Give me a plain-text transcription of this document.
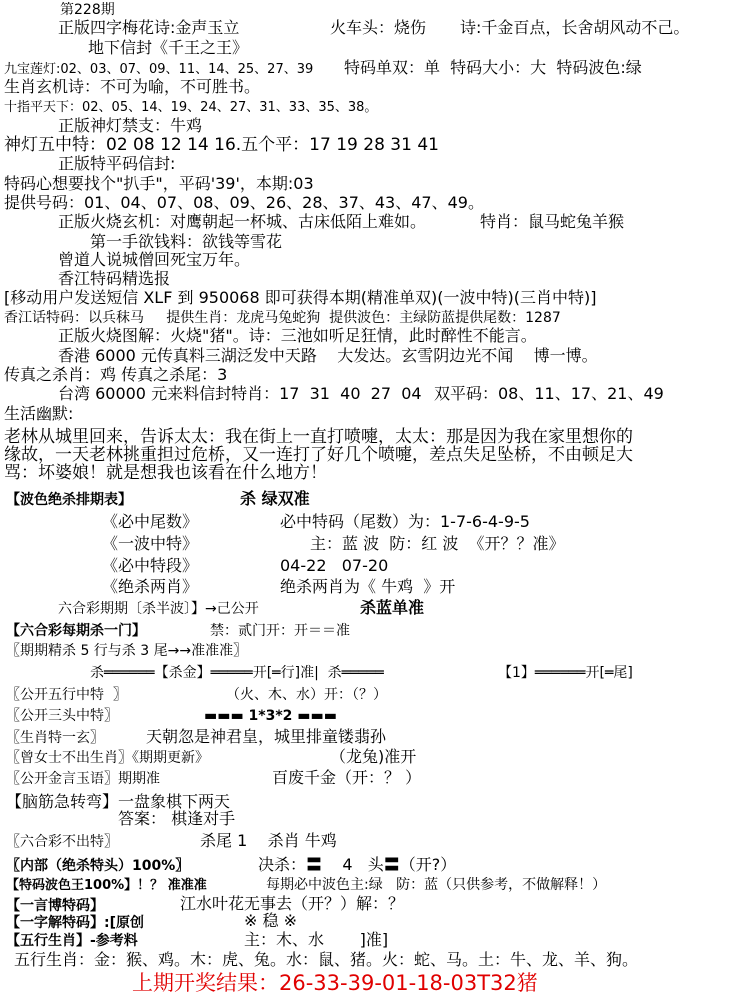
第228期
正版四字梅花诗:金声玉立	火车头：烧伤 诗:千金百点，长舍胡风动不己。
地下信封《千王之王》
九宝莲灯:02、03、07、09、11、14、25、27、39 特码单双：单  特码大小：大  特码波色:绿
生肖玄机诗：不可为喻，不可胜书。
十指平天下：02、05、14、19、24、27、31、33、35、38。
正版神灯禁支：牛鸡
神灯五中特：02 08 12 14 16.五个平：17 19 28 31 41
正版特平码信封:
特码心想要找个"扒手"，平码'39'，本期:03
提供号码：01、04、07、08、09、26、28、37、43、47、49。
正版火烧玄机：对鹰朝起一杯城、古床低陌上难如。	特肖：鼠马蛇兔羊猴
第一手欲钱料：欲钱等雪花
曾道人说城僧回死宝万年。
香江特码精选报
[移动用户发送短信 XLF 到 950068 即可获得本期(精准单双)(一波中特)(三肖中特)]
香江话特码：以兵秣马     提供生肖：龙虎马兔蛇狗  提供波色：主绿防蓝提供尾数：1287
正版火烧图解：火烧"猪"。诗：三池如听足狂情，此时醉性不能言。
香港 6000 元传真料三湖泛发中天路    大发达。玄雪阴边光不闻    博一博。
传真之杀肖：鸡 传真之杀尾：3
台湾 60000 元来料信封特肖：17  31  40  27  04 双平码：08、11、17、21、49
生活幽默:
老林从城里回来，告诉太太：我在街上一直打喷嚏，太太：那是因为我在家里想你的
缘故，一天老林挑重担过危桥，又一连打了好几个喷嚏，差点失足坠桥，不由顿足大
骂：坏婆娘！就是想我也该看在什么地方！
【波色绝杀排期表】	杀 绿双准
《必中尾数》	必中特码（尾数）为：1-7-6-4-9-5
《一波中特》	主：蓝 波  防：红 波  《开？？准》
《必中特段》	04-22   07-20
《绝杀两肖》	绝杀两肖为《 牛鸡  》开
六合彩期期〔杀半波〕】→己公开	杀蓝单准
【六合彩每期杀一门】	禁：贰门开：开＝＝准
〖期期精杀 5 行与杀 3 尾→→准准准〗
杀══════【杀金】═════开[═行]准|  杀═════	【1】══════开[═尾]
〖公开五行中特  〗	（火、木、水）开：（？）
〖公开三头中特〗	▬▬▬ 1*3*2 ▬▬▬
〖生肖特一玄〗	天朝忽是神君皇，城里排童镂翡孙
〖曾女士不出生肖〗《期期更新》	（龙兔)准开
〖公开金言玉语〗期期准	百废千金（开：？ ）
【脑筋急转弯】一盘象棋下两天
答案： 棋逢对手
〖六合彩不出特〗	杀尾 1    杀肖 牛鸡
〖内部（绝杀特头）100%〗	决杀：〓    4   头〓（开?）
【特码波色王100%】！？ 准准准	每期必中波色主:绿   防：蓝（只供参考，不做解释！）
【一言博特码】	江水叶花无事去（开？）解：？
【一字解特码】:[原创	※ 稳 ※
【五行生肖】-参考料	主：木、水       ]准]
五行生肖：金：猴、鸡。木：虎、兔。水：鼠、猪。火：蛇、马。土：牛、龙、羊、狗。
上期开奖结果：26-33-39-01-18-03T32猪
